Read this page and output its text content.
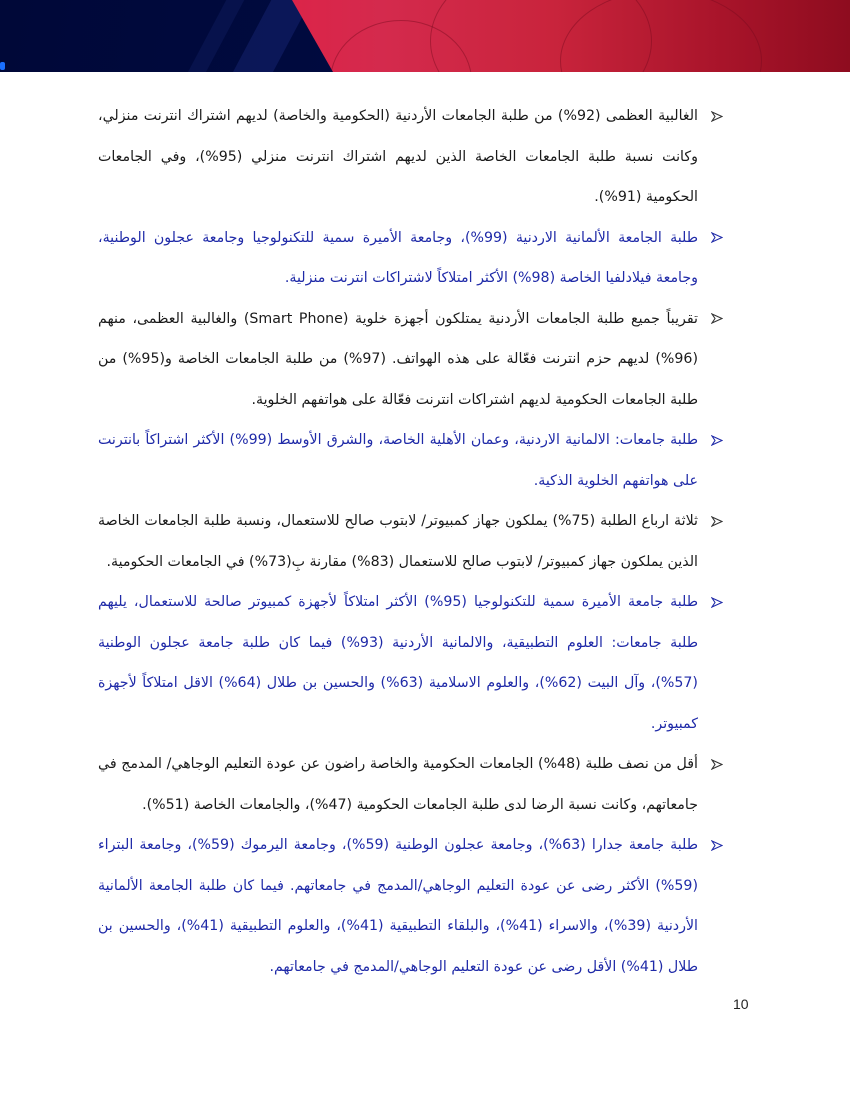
الغالبية العظمى (92%) من طلبة الجامعات الأردنية (الحكومية والخاصة) لديهم اشتراك انترنت منزلي، وكانت نسبة طلبة الجامعات الخاصة الذين لديهم اشتراك انترنت منزلي (95%)، وفي الجامعات الحكومية (91%).
طلبة الجامعة الألمانية الاردنية (99%)، وجامعة الأميرة سمية للتكنولوجيا وجامعة عجلون الوطنية، وجامعة فيلادلفيا الخاصة (98%) الأكثر امتلاكاً لاشتراكات انترنت منزلية.
تقريباً جميع طلبة الجامعات الأردنية يمتلكون أجهزة خلوية (Smart Phone) والغالبية العظمى، منهم (96%) لديهم حزم انترنت فعّالة على هذه الهواتف. (97%) من طلبة الجامعات الخاصة و(95%) من طلبة الجامعات الحكومية لديهم اشتراكات انترنت فعّالة على هواتفهم الخلوية.
طلبة جامعات: الالمانية الاردنية، وعمان الأهلية الخاصة، والشرق الأوسط (99%) الأكثر اشتراكاً بانترنت على هواتفهم الخلوية الذكية.
ثلاثة ارباع الطلبة (75%) يملكون جهاز كمبيوتر/ لابتوب صالح للاستعمال، ونسبة طلبة الجامعات الخاصة الذين يملكون جهاز كمبيوتر/ لابتوب صالح للاستعمال (83%) مقارنة بِ(73%) في الجامعات الحكومية.
طلبة جامعة الأميرة سمية للتكنولوجيا (95%) الأكثر امتلاكاً لأجهزة كمبيوتر صالحة للاستعمال، يليهم طلبة جامعات: العلوم التطبيقية، والالمانية الأردنية (93%) فيما كان طلبة جامعة عجلون الوطنية (57%)، وآل البيت (62%)، والعلوم الاسلامية (63%) والحسين بن طلال (64%) الاقل امتلاكاً لأجهزة كمبيوتر.
أقل من نصف طلبة (48%) الجامعات الحكومية والخاصة راضون عن عودة التعليم الوجاهي/ المدمج في جامعاتهم، وكانت نسبة الرضا لدى طلبة الجامعات الحكومية (47%)، والجامعات الخاصة (51%).
طلبة جامعة جدارا (63%)، وجامعة عجلون الوطنية (59%)، وجامعة اليرموك (59%)، وجامعة البتراء (59%) الأكثر رضى عن عودة التعليم الوجاهي/المدمج في جامعاتهم. فيما كان طلبة الجامعة الألمانية الأردنية (39%)، والاسراء (41%)، والبلقاء التطبيقية (41%)، والعلوم التطبيقية (41%)، والحسين بن طلال (41%) الأقل رضى عن عودة التعليم الوجاهي/المدمج في جامعاتهم.
10
